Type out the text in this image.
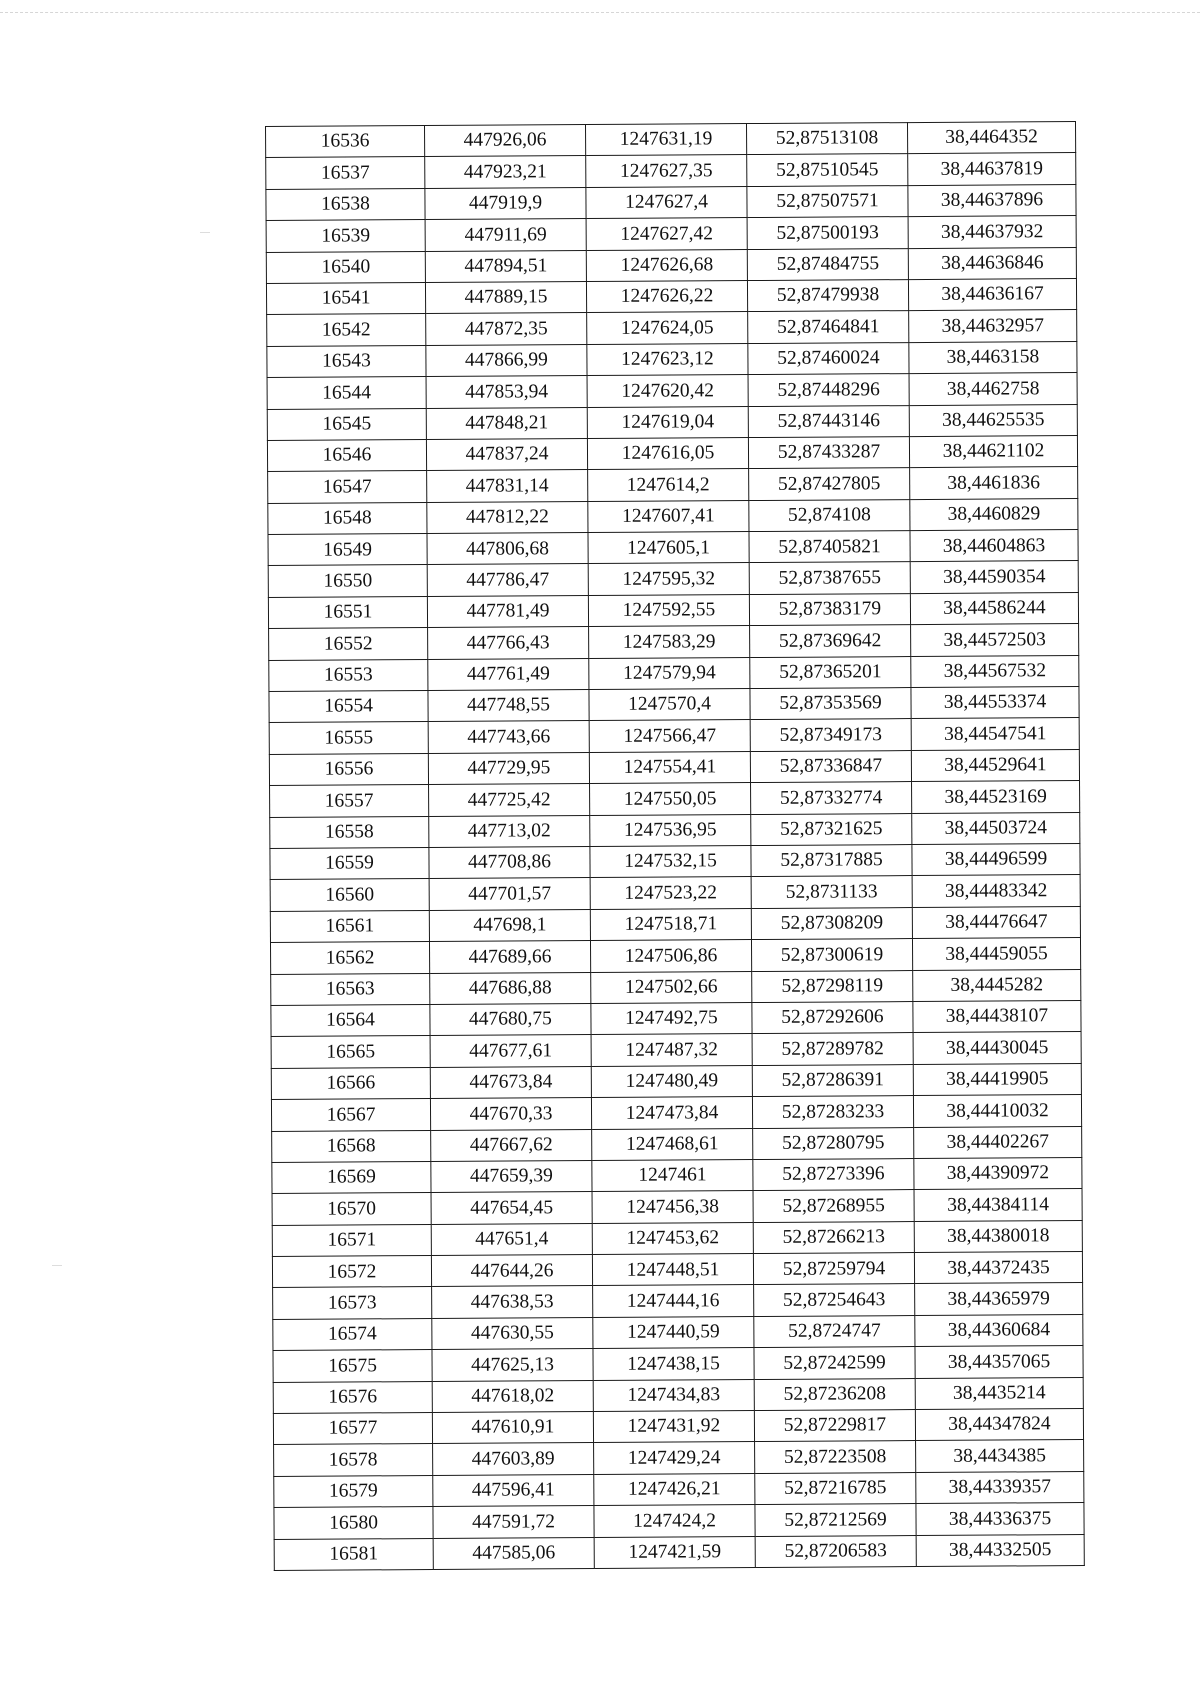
16536	447926,06	1247631,19	52,87513108	38,4464352
16537	447923,21	1247627,35	52,87510545	38,44637819
16538	447919,9	1247627,4	52,87507571	38,44637896
16539	447911,69	1247627,42	52,87500193	38,44637932
16540	447894,51	1247626,68	52,87484755	38,44636846
16541	447889,15	1247626,22	52,87479938	38,44636167
16542	447872,35	1247624,05	52,87464841	38,44632957
16543	447866,99	1247623,12	52,87460024	38,4463158
16544	447853,94	1247620,42	52,87448296	38,4462758
16545	447848,21	1247619,04	52,87443146	38,44625535
16546	447837,24	1247616,05	52,87433287	38,44621102
16547	447831,14	1247614,2	52,87427805	38,4461836
16548	447812,22	1247607,41	52,874108	38,4460829
16549	447806,68	1247605,1	52,87405821	38,44604863
16550	447786,47	1247595,32	52,87387655	38,44590354
16551	447781,49	1247592,55	52,87383179	38,44586244
16552	447766,43	1247583,29	52,87369642	38,44572503
16553	447761,49	1247579,94	52,87365201	38,44567532
16554	447748,55	1247570,4	52,87353569	38,44553374
16555	447743,66	1247566,47	52,87349173	38,44547541
16556	447729,95	1247554,41	52,87336847	38,44529641
16557	447725,42	1247550,05	52,87332774	38,44523169
16558	447713,02	1247536,95	52,87321625	38,44503724
16559	447708,86	1247532,15	52,87317885	38,44496599
16560	447701,57	1247523,22	52,8731133	38,44483342
16561	447698,1	1247518,71	52,87308209	38,44476647
16562	447689,66	1247506,86	52,87300619	38,44459055
16563	447686,88	1247502,66	52,87298119	38,4445282
16564	447680,75	1247492,75	52,87292606	38,44438107
16565	447677,61	1247487,32	52,87289782	38,44430045
16566	447673,84	1247480,49	52,87286391	38,44419905
16567	447670,33	1247473,84	52,87283233	38,44410032
16568	447667,62	1247468,61	52,87280795	38,44402267
16569	447659,39	1247461	52,87273396	38,44390972
16570	447654,45	1247456,38	52,87268955	38,44384114
16571	447651,4	1247453,62	52,87266213	38,44380018
16572	447644,26	1247448,51	52,87259794	38,44372435
16573	447638,53	1247444,16	52,87254643	38,44365979
16574	447630,55	1247440,59	52,8724747	38,44360684
16575	447625,13	1247438,15	52,87242599	38,44357065
16576	447618,02	1247434,83	52,87236208	38,4435214
16577	447610,91	1247431,92	52,87229817	38,44347824
16578	447603,89	1247429,24	52,87223508	38,4434385
16579	447596,41	1247426,21	52,87216785	38,44339357
16580	447591,72	1247424,2	52,87212569	38,44336375
16581	447585,06	1247421,59	52,87206583	38,44332505
